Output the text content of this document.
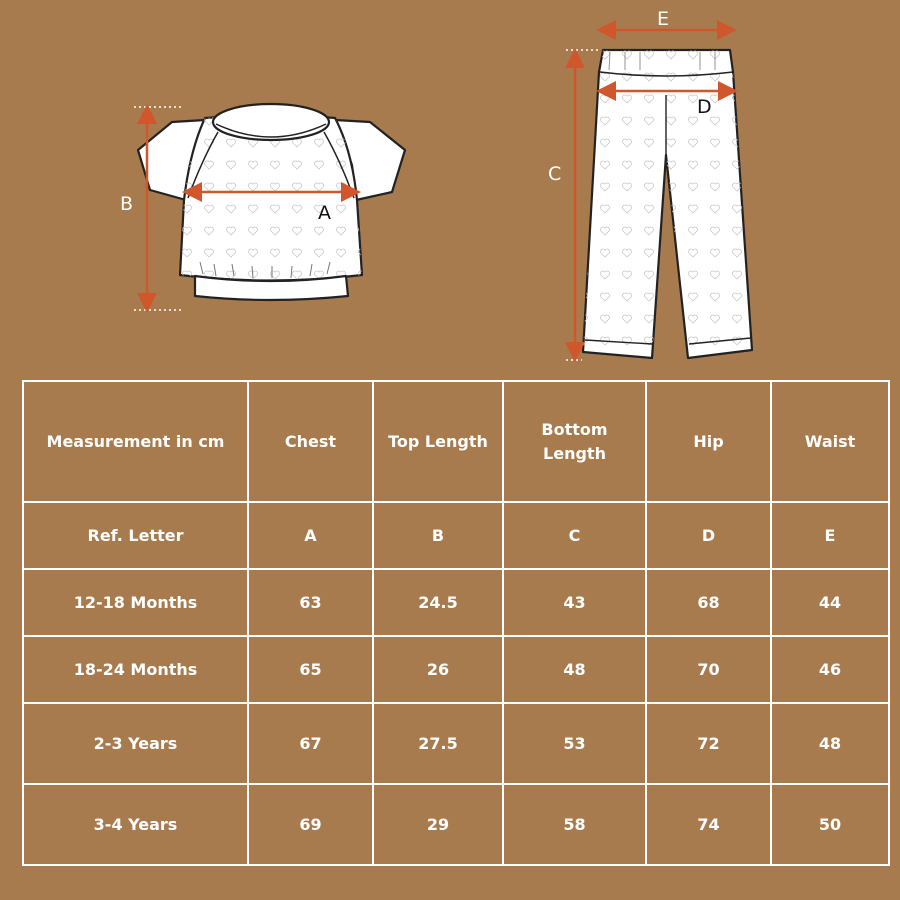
A
B
C
D
E
Measurement in cm	Chest	Top Length	Bottom Length	Hip	Waist
Ref. Letter	A	B	C	D	E
12-18 Months	63	24.5	43	68	44
18-24 Months	65	26	48	70	46
2-3 Years	67	27.5	53	72	48
3-4 Years	69	29	58	74	50
